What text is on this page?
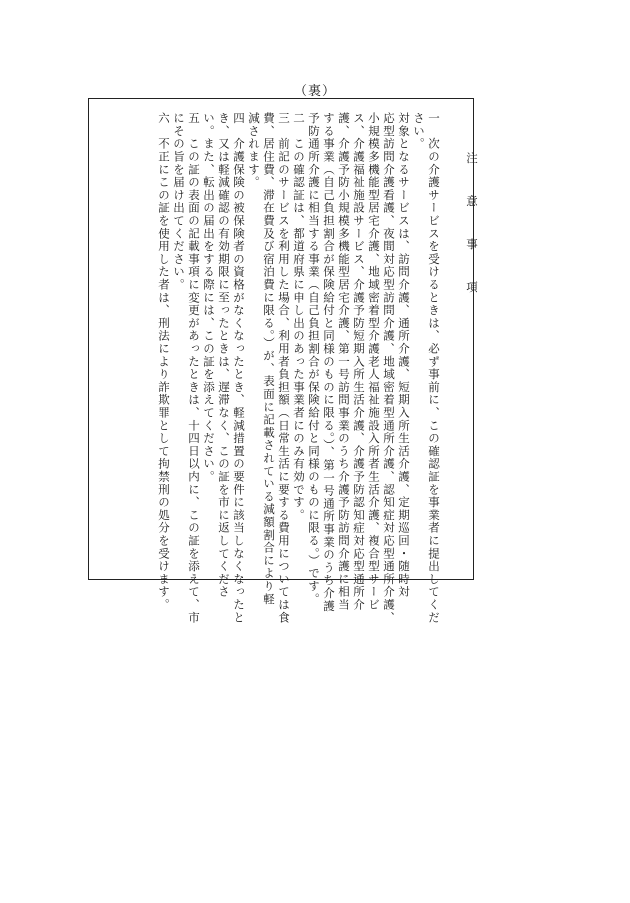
（裏）
注　意　事　項
一　次の介護サービスを受けるときは、必ず事前に、この確認証を事業者に提出してくだ
さい。
対象となるサービスは、訪問介護、通所介護、短期入所生活介護、定期巡回・随時対
応型訪問介護看護、夜間対応型訪問介護、地域密着型通所介護、認知症対応型通所介護、
小規模多機能型居宅介護、地域密着型介護老人福祉施設入所者生活介護、複合型サービ
ス、介護福祉施設サービス、介護予防短期入所生活介護、介護予防認知症対応型通所介
護、介護予防小規模多機能型居宅介護、第一号訪問事業のうち介護予防訪問介護に相当
する事業（自己負担割合が保険給付と同様のものに限る。）、第一号通所事業のうち介護
予防通所介護に相当する事業（自己負担割合が保険給付と同様のものに限る。）です。
二　この確認証は、都道府県に申し出のあった事業者にのみ有効です。
三　前記のサービスを利用した場合、利用者負担額（日常生活に要する費用については食
費、居住費、滞在費及び宿泊費に限る。）が、表面に記載されている減額割合により軽
減されます。
四　介護保険の被保険者の資格がなくなったとき、軽減措置の要件に該当しなくなったと
き、又は軽減確認の有効期限に至ったときは、遅滞なく、この証を市に返してくださ
い。また、転出の届出をする際には、この証を添えてください。
五　この証の表面の記載事項に変更があったときは、十四日以内に、この証を添えて、市
にその旨を届け出てください。
六　不正にこの証を使用した者は、刑法により詐欺罪として拘禁刑の処分を受けます。
